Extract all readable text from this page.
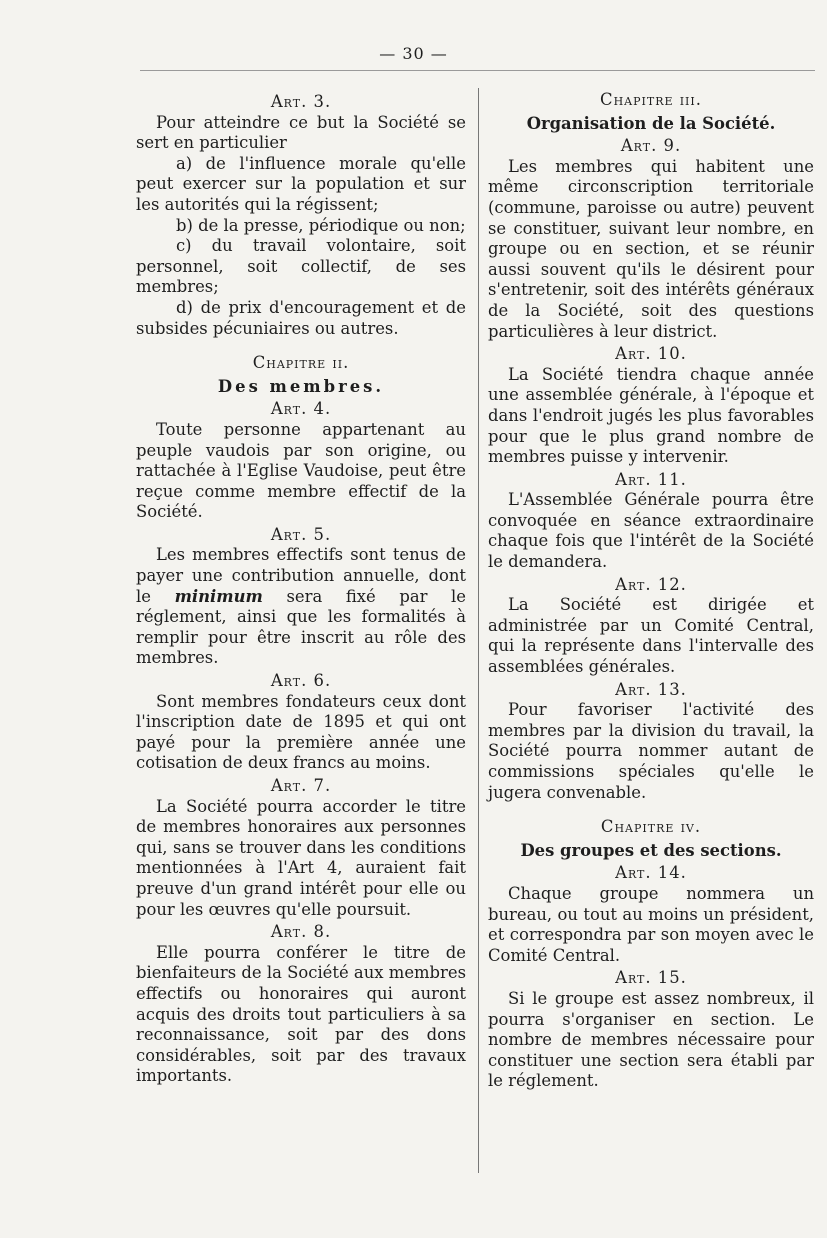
— 30 —

Art. 3.

Pour atteindre ce but la Société se sert en particulier

a) de l'influence morale qu'elle peut exercer sur la population et sur les autorités qui la régissent;

b) de la presse, périodique ou non;

c) du travail volontaire, soit personnel, soit collectif, de ses membres;

d) de prix d'encouragement et de subsides pécuniaires ou autres.

Chapitre ii.

Des membres.

Art. 4.

Toute personne appartenant au peuple vaudois par son origine, ou rattachée à l'Eglise Vaudoise, peut être reçue comme membre effectif de la Société.

Art. 5.

Les membres effectifs sont tenus de payer une contribution annuelle, dont le minimum sera fixé par le réglement, ainsi que les formalités à remplir pour être inscrit au rôle des membres.

Art. 6.

Sont membres fondateurs ceux dont l'inscription date de 1895 et qui ont payé pour la première année une cotisation de deux francs au moins.

Art. 7.

La Société pourra accorder le titre de membres honoraires aux personnes qui, sans se trouver dans les conditions mentionnées à l'Art 4, auraient fait preuve d'un grand intérêt pour elle ou pour les œuvres qu'elle poursuit.

Art. 8.

Elle pourra conférer le titre de bienfaiteurs de la Société aux membres effectifs ou honoraires qui auront acquis des droits tout particuliers à sa reconnaissance, soit par des dons considérables, soit par des travaux importants.

Chapitre iii.

Organisation de la Société.

Art. 9.

Les membres qui habitent une même circonscription territoriale (commune, paroisse ou autre) peuvent se constituer, suivant leur nombre, en groupe ou en section, et se réunir aussi souvent qu'ils le désirent pour s'entretenir, soit des intérêts généraux de la Société, soit des questions particulières à leur district.

Art. 10.

La Société tiendra chaque année une assemblée générale, à l'époque et dans l'endroit jugés les plus favorables pour que le plus grand nombre de membres puisse y intervenir.

Art. 11.

L'Assemblée Générale pourra être convoquée en séance extraordinaire chaque fois que l'intérêt de la Société le demandera.

Art. 12.

La Société est dirigée et administrée par un Comité Central, qui la représente dans l'intervalle des assemblées générales.

Art. 13.

Pour favoriser l'activité des membres par la division du travail, la Société pourra nommer autant de commissions spéciales qu'elle le jugera convenable.

Chapitre iv.

Des groupes et des sections.

Art. 14.

Chaque groupe nommera un bureau, ou tout au moins un président, et correspondra par son moyen avec le Comité Central.

Art. 15.

Si le groupe est assez nombreux, il pourra s'organiser en section. Le nombre de membres nécessaire pour constituer une section sera établi par le réglement.
